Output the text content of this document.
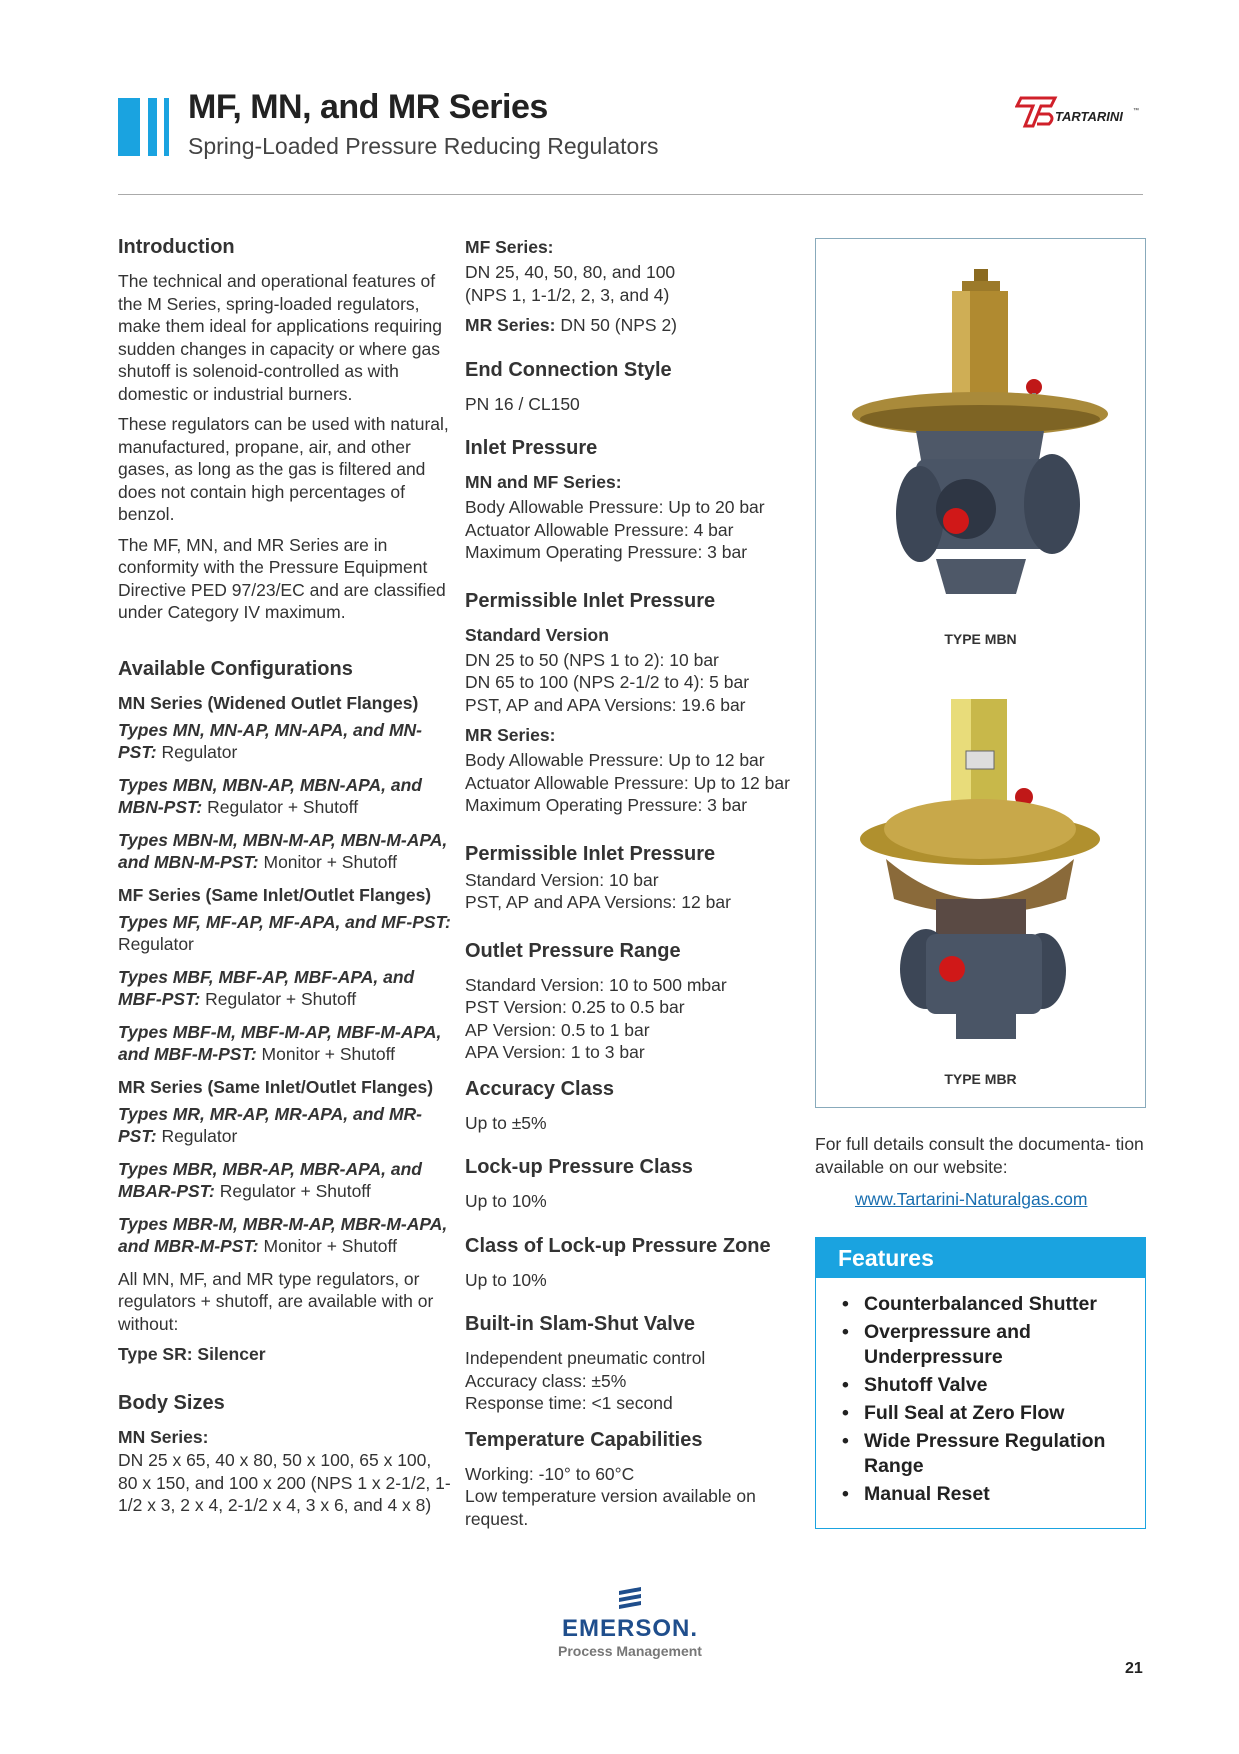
MF, MN, and MR Series
Spring-Loaded Pressure Reducing Regulators
TARTARINI ™
Introduction

The technical and operational features of the M Series, spring-loaded regulators, make them ideal for applications requiring sudden changes in capacity or where gas shutoff is solenoid-controlled as with domestic or industrial burners.

These regulators can be used with natural, manufactured, propane, air, and other gases, as long as the gas is filtered and does not contain high percentages of benzol.

The MF, MN, and MR Series are in conformity with the Pressure Equipment Directive PED 97/23/EC and are classified under Category IV maximum.

Available Configurations
MN Series (Widened Outlet Flanges)

Types MN, MN-AP, MN-APA, and MN-PST: Regulator

Types MBN, MBN-AP, MBN-APA, and MBN-PST: Regulator + Shutoff

Types MBN-M, MBN-M-AP, MBN-M-APA, and MBN-M-PST: Monitor + Shutoff

MF Series (Same Inlet/Outlet Flanges)

Types MF, MF-AP, MF-APA, and MF-PST: Regulator

Types MBF, MBF-AP, MBF-APA, and MBF-PST: Regulator + Shutoff

Types MBF-M, MBF-M-AP, MBF-M-APA, and MBF-M-PST: Monitor + Shutoff

MR Series (Same Inlet/Outlet Flanges)

Types MR, MR-AP, MR-APA, and MR-PST: Regulator

Types MBR, MBR-AP, MBR-APA, and MBAR-PST: Regulator + Shutoff

Types MBR-M, MBR-M-AP, MBR-M-APA, and MBR-M-PST: Monitor + Shutoff

All MN, MF, and MR type regulators, or regulators + shutoff, are available with or without:

Type SR: Silencer
Body Sizes
MN Series:

DN 25 x 65, 40 x 80, 50 x 100, 65 x 100, 80 x 150, and 100 x 200 (NPS 1 x 2-1/2, 1-1/2 x 3, 2 x 4, 2-1/2 x 4, 3 x 6, and 4 x 8)

MF Series:
DN 25, 40, 50, 80, and 100
(NPS 1, 1-1/2, 2, 3, and 4)

MR Series: DN 50 (NPS 2)

End Connection Style

PN 16 / CL150

Inlet Pressure
MN and MF Series:
Body Allowable Pressure: Up to 20 bar
Actuator Allowable Pressure: 4 bar
Maximum Operating Pressure: 3 bar
Permissible Inlet Pressure
Standard Version
DN 25 to 50 (NPS 1 to 2): 10 bar
DN 65 to 100 (NPS 2-1/2 to 4): 5 bar
PST, AP and APA Versions: 19.6 bar
MR Series:
Body Allowable Pressure: Up to 12 bar
Actuator Allowable Pressure: Up to 12 bar
Maximum Operating Pressure: 3 bar
Permissible Inlet Pressure
Standard Version: 10 bar
PST, AP and APA Versions: 12 bar
Outlet Pressure Range
Standard Version: 10 to 500 mbar
PST Version: 0.25 to 0.5 bar
AP Version: 0.5 to 1 bar
APA Version: 1 to 3 bar
Accuracy Class

Up to ±5%

Lock-up Pressure Class

Up to 10%

Class of Lock-up Pressure Zone

Up to 10%

Built-in Slam-Shut Valve
Independent pneumatic control
Accuracy class: ±5%
Response time: <1 second
Temperature Capabilities
Working: -10° to 60°C
Low temperature version available on request.
TYPE MBN
TYPE MBR
For full details consult the documenta- tion available on our website:
www.Tartarini-Naturalgas.com
Features
• Counterbalanced Shutter
• Overpressure and Underpressure
• Shutoff Valve
• Full Seal at Zero Flow
• Wide Pressure Regulation Range
• Manual Reset
EMERSON.
Process Management
21
